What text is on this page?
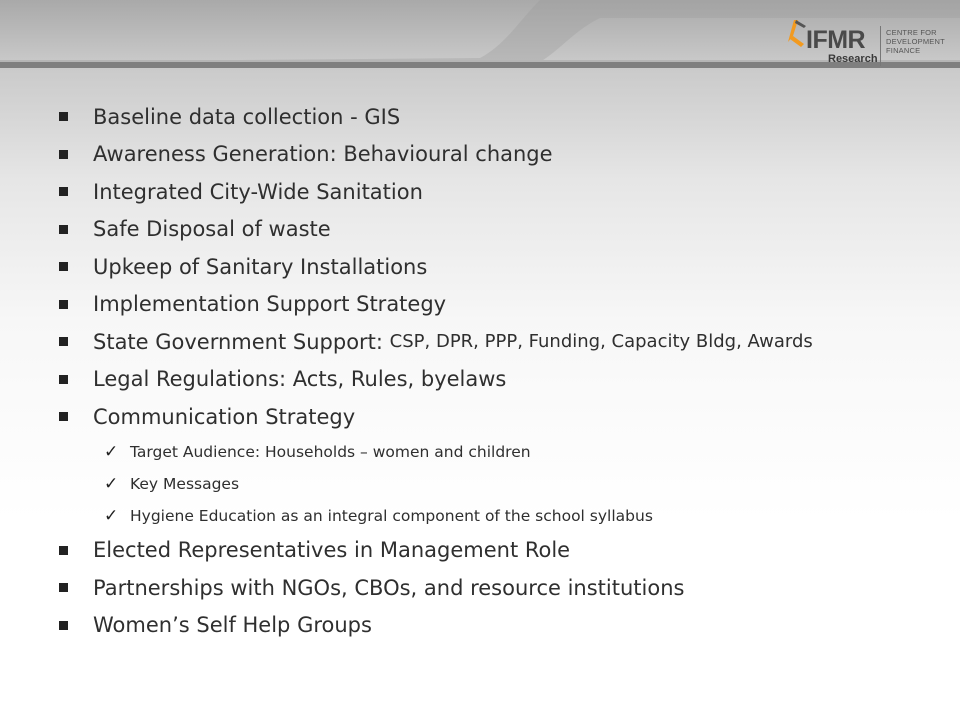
IFMR
Research
CENTRE FOR
DEVELOPMENT
FINANCE
Baseline data collection - GIS
Awareness Generation: Behavioural change
Integrated City-Wide Sanitation
Safe Disposal of waste
Upkeep of Sanitary Installations
Implementation Support Strategy
State Government Support: CSP, DPR, PPP, Funding, Capacity Bldg, Awards
Legal Regulations: Acts, Rules, byelaws
Communication Strategy
✓ Target Audience: Households – women and children
✓ Key Messages
✓ Hygiene Education as an integral component of the school syllabus
Elected Representatives in Management Role
Partnerships with NGOs, CBOs, and resource institutions
Women’s Self Help Groups
